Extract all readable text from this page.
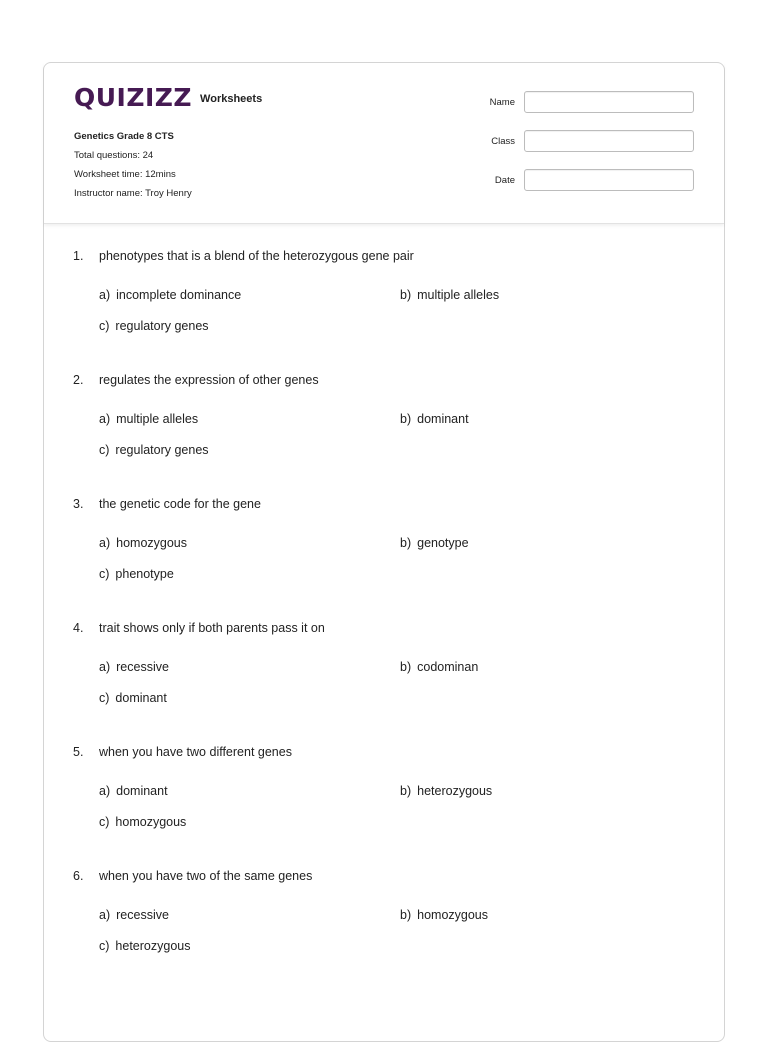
QUIZIZZ Worksheets
Genetics Grade 8 CTS
Total questions: 24
Worksheet time: 12mins
Instructor name: Troy Henry
Name
Class
Date
1.	phenotypes that is a blend of the heterozygous gene pair
a) incomplete dominance	b) multiple alleles
c) regulatory genes
2.	regulates the expression of other genes
a) multiple alleles	b) dominant
c) regulatory genes
3.	the genetic code for the gene
a) homozygous	b) genotype
c) phenotype
4.	trait shows only if both parents pass it on
a) recessive	b) codominan
c) dominant
5.	when you have two different genes
a) dominant	b) heterozygous
c) homozygous
6.	when you have two of the same genes
a) recessive	b) homozygous
c) heterozygous
